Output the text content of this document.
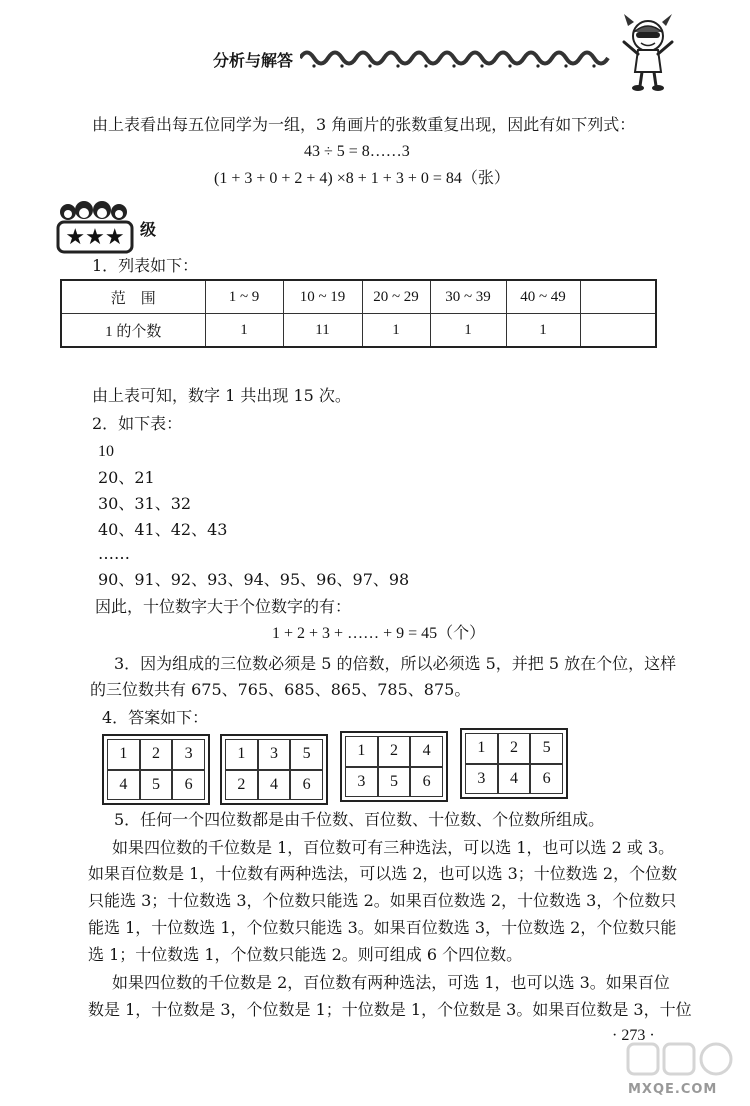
分析与解答
由上表看出每五位同学为一组，3 角画片的张数重复出现，因此有如下列式：
43 ÷ 5 = 8……3
(1 + 3 + 0 + 2 + 4) ×8 + 1 + 3 + 0 = 84（张）
★★★ 级
1．列表如下：
范　围	1 ~ 9	10 ~ 19	20 ~ 29	30 ~ 39	40 ~ 49	
1 的个数	1	11	1	1	1	
由上表可知，数字 1 共出现 15 次。
2．如下表：
10
20、21
30、31、32
40、41、42、43
……
90、91、92、93、94、95、96、97、98
因此，十位数字大于个位数字的有：
1 + 2 + 3 + …… + 9 = 45（个）
3．因为组成的三位数必须是 5 的倍数，所以必须选 5，并把 5 放在个位，这样
的三位数共有 675、765、685、865、785、875。
4．答案如下：
1	2	3
4	5	6
1	3	5
2	4	6
1	2	4
3	5	6
1	2	5
3	4	6
5．任何一个四位数都是由千位数、百位数、十位数、个位数所组成。
如果四位数的千位数是 1，百位数可有三种选法，可以选 1，也可以选 2 或 3。
如果百位数是 1，十位数有两种选法，可以选 2，也可以选 3；十位数选 2，个位数
只能选 3；十位数选 3，个位数只能选 2。如果百位数选 2，十位数选 3，个位数只
能选 1，十位数选 1，个位数只能选 3。如果百位数选 3，十位数选 2，个位数只能
选 1；十位数选 1，个位数只能选 2。则可组成 6 个四位数。
如果四位数的千位数是 2，百位数有两种选法，可选 1，也可以选 3。如果百位
数是 1，十位数是 3，个位数是 1；十位数是 1，个位数是 3。如果百位数是 3，十位
· 273 ·
MXQE.COM
